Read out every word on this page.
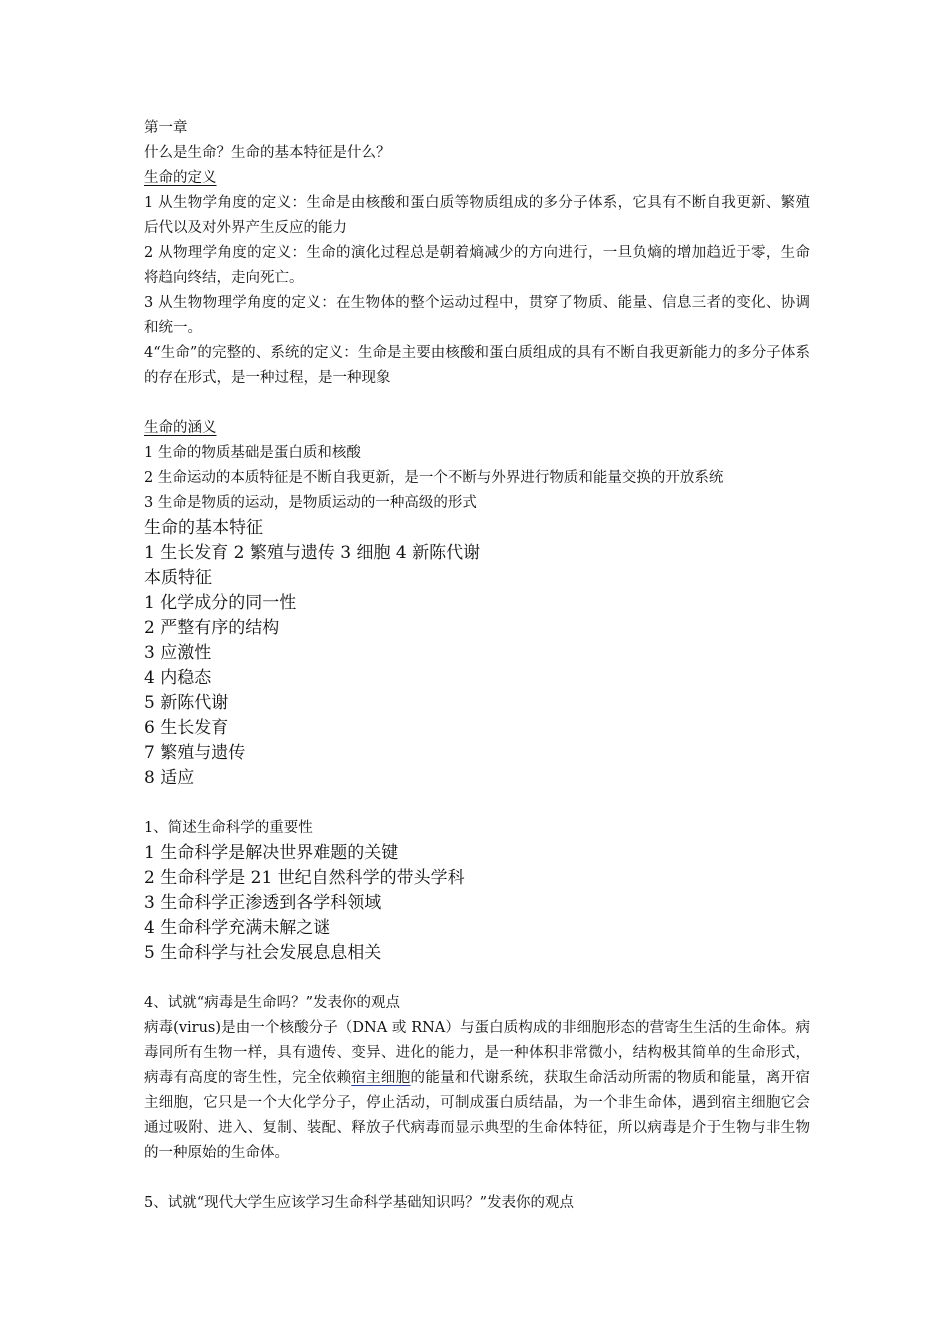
第一章
什么是生命？生命的基本特征是什么？
生命的定义
1 从生物学角度的定义：生命是由核酸和蛋白质等物质组成的多分子体系，它具有不断自我更新、繁殖后代以及对外界产生反应的能力
2 从物理学角度的定义：生命的演化过程总是朝着熵减少的方向进行，一旦负熵的增加趋近于零，生命将趋向终结，走向死亡。
3 从生物物理学角度的定义：在生物体的整个运动过程中，贯穿了物质、能量、信息三者的变化、协调和统一。
4“生命”的完整的、系统的定义：生命是主要由核酸和蛋白质组成的具有不断自我更新能力的多分子体系的存在形式，是一种过程，是一种现象
生命的涵义
1 生命的物质基础是蛋白质和核酸
2 生命运动的本质特征是不断自我更新，是一个不断与外界进行物质和能量交换的开放系统
3 生命是物质的运动，是物质运动的一种高级的形式
生命的基本特征
1 生长发育 2 繁殖与遗传 3 细胞 4 新陈代谢
本质特征
1 化学成分的同一性
2 严整有序的结构
3 应激性
4 内稳态
5 新陈代谢
6 生长发育
7 繁殖与遗传
8 适应
1、简述生命科学的重要性
1 生命科学是解决世界难题的关键
2 生命科学是 21 世纪自然科学的带头学科
3 生命科学正渗透到各学科领域
4 生命科学充满未解之谜
5 生命科学与社会发展息息相关
4、试就“病毒是生命吗？”发表你的观点
病毒(virus)是由一个核酸分子（DNA 或 RNA）与蛋白质构成的非细胞形态的营寄生生活的生命体。病毒同所有生物一样，具有遗传、变异、进化的能力，是一种体积非常微小，结构极其简单的生命形式，病毒有高度的寄生性，完全依赖宿主细胞的能量和代谢系统，获取生命活动所需的物质和能量，离开宿主细胞，它只是一个大化学分子，停止活动，可制成蛋白质结晶，为一个非生命体，遇到宿主细胞它会通过吸附、进入、复制、装配、释放子代病毒而显示典型的生命体特征，所以病毒是介于生物与非生物的一种原始的生命体。
5、试就“现代大学生应该学习生命科学基础知识吗？”发表你的观点
